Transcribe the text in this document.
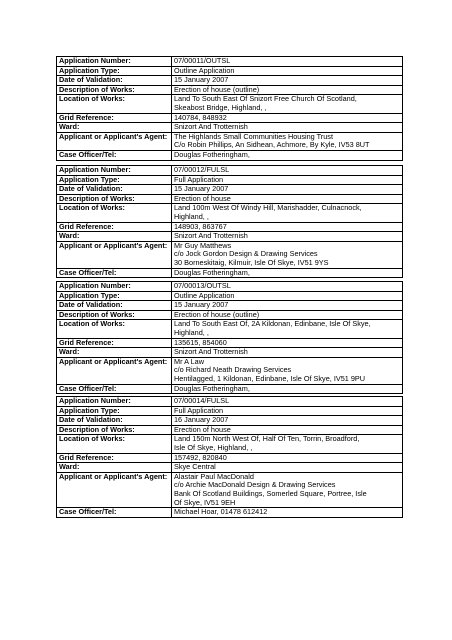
Application Number:	07/00011/OUTSL
Application Type:	Outline Application
Date of Validation:	15 January 2007
Description of Works:	Erection of house (outline)
Location of Works:	Land To South East Of Snizort Free Church Of Scotland,
Skeabost Bridge, Highland, ,

Grid Reference:	140784, 848932
Ward:	Snizort And Trotternish
Applicant or Applicant's Agent:	The Highlands Small Communities Housing Trust
C/o Robin Phillips, An Sidhean, Achmore, By Kyle, IV53 8UT

Case Officer/Tel:	Douglas Fotheringham,
Application Number:	07/00012/FULSL
Application Type:	Full Application
Date of Validation:	15 January 2007
Description of Works:	Erection of house
Location of Works:	Land 100m West Of Windy Hill, Marishadder, Culnacnock,
Highland, ,

Grid Reference:	148903, 863767
Ward:	Snizort And Trotternish
Applicant or Applicant's Agent:	Mr Guy Matthews
c/o Jock Gordon Design & Drawing Services
30 Borneskitaig, Kilmuir, Isle Of Skye, IV51 9YS

Case Officer/Tel:	Douglas Fotheringham,
Application Number:	07/00013/OUTSL
Application Type:	Outline Application
Date of Validation:	15 January 2007
Description of Works:	Erection of house (outline)
Location of Works:	Land To South East Of, 2A Kildonan, Edinbane, Isle Of Skye,
Highland, ,

Grid Reference:	135615, 854060
Ward:	Snizort And Trotternish
Applicant or Applicant's Agent:	Mr A Law
c/o Richard Neath Drawing Services
Hentilagged, 1 Kildonan, Edinbane, Isle Of Skye, IV51 9PU

Case Officer/Tel:	Douglas Fotheringham,
Application Number:	07/00014/FULSL
Application Type:	Full Application
Date of Validation:	16 January 2007
Description of Works:	Erection of house
Location of Works:	Land 150m North West Of, Half Of Ten, Torrin, Broadford,
Isle Of Skye, Highland, ,

Grid Reference:	157492, 820840
Ward:	Skye Central
Applicant or Applicant's Agent:	Alastair Paul MacDonald
c/o Archie MacDonald Design & Drawing Services
Bank Of Scotland Buildings, Somerled Square, Portree, Isle
Of Skye, IV51 9EH

Case Officer/Tel:	Michael Hoar, 01478 612412
